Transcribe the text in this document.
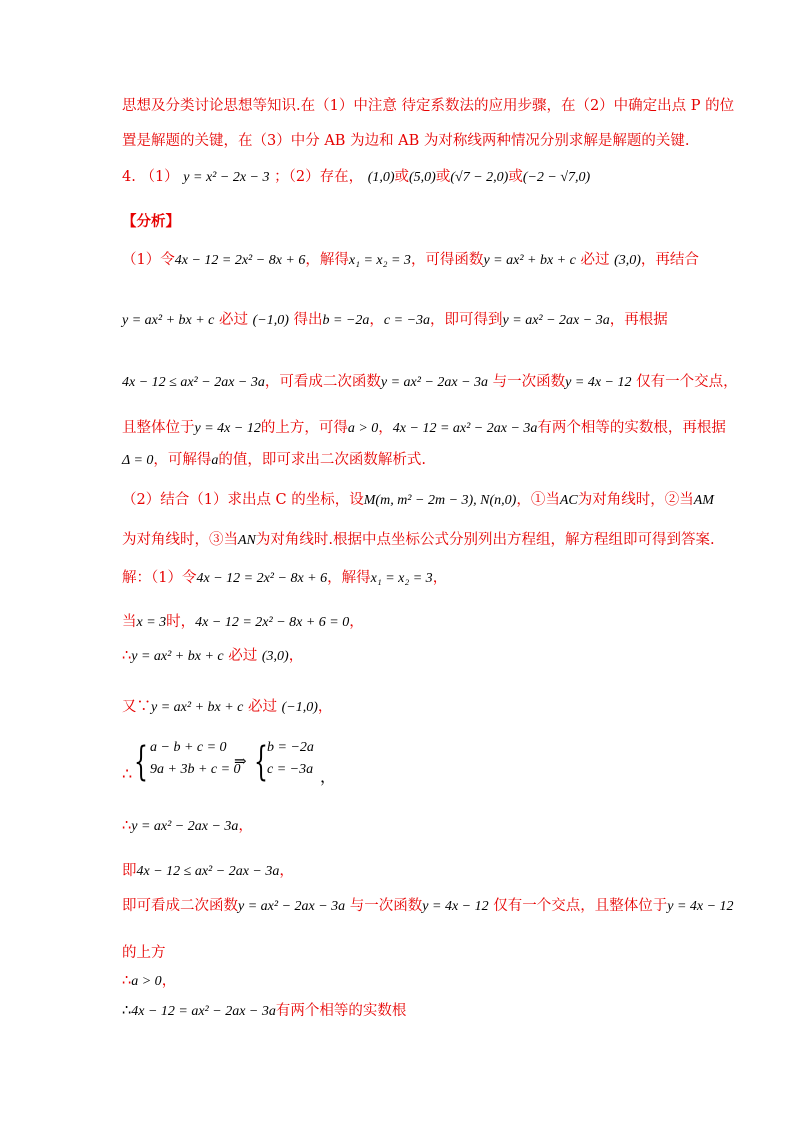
思想及分类讨论思想等知识.在（1）中注意 待定系数法的应用步骤，在（2）中确定出点 P 的位
置是解题的关键，在（3）中分 AB 为边和 AB 为对称线两种情况分别求解是解题的关键.
4. （1） y = x² − 2x − 3 ；（2）存在， (1,0)或(5,0)或(√7 − 2,0)或(−2 − √7,0)
【分析】
（1）令4x − 12 = 2x² − 8x + 6，解得x₁ = x₂ = 3，可得函数y = ax² + bx + c 必过 (3,0)，再结合
y = ax² + bx + c 必过 (−1,0) 得出b = −2a，c = −3a，即可得到y = ax² − 2ax − 3a，再根据
4x − 12 ≤ ax² − 2ax − 3a，可看成二次函数y = ax² − 2ax − 3a 与一次函数y = 4x − 12 仅有一个交点，
且整体位于y = 4x − 12的上方，可得a > 0，4x − 12 = ax² − 2ax − 3a有两个相等的实数根，再根据
Δ = 0，可解得a的值，即可求出二次函数解析式.
（2）结合（1）求出点 C 的坐标，设M(m, m² − 2m − 3), N(n,0)，①当AC为对角线时，②当AM
为对角线时，③当AN为对角线时.根据中点坐标公式分别列出方程组，解方程组即可得到答案.
解：（1）令4x − 12 = 2x² − 8x + 6，解得x₁ = x₂ = 3，
当x = 3时，4x − 12 = 2x² − 8x + 6 = 0，
∴y = ax² + bx + c 必过 (3,0)，
又∵y = ax² + bx + c 必过 (−1,0)，
∴ { a − b + c = 0
9a + 3b + c = 0
⇒ { b = −2a
c = −3a ，
∴y = ax² − 2ax − 3a，
即4x − 12 ≤ ax² − 2ax − 3a，
即可看成二次函数y = ax² − 2ax − 3a 与一次函数y = 4x − 12 仅有一个交点，且整体位于y = 4x − 12
的上方
∴a > 0，
∴4x − 12 = ax² − 2ax − 3a有两个相等的实数根
